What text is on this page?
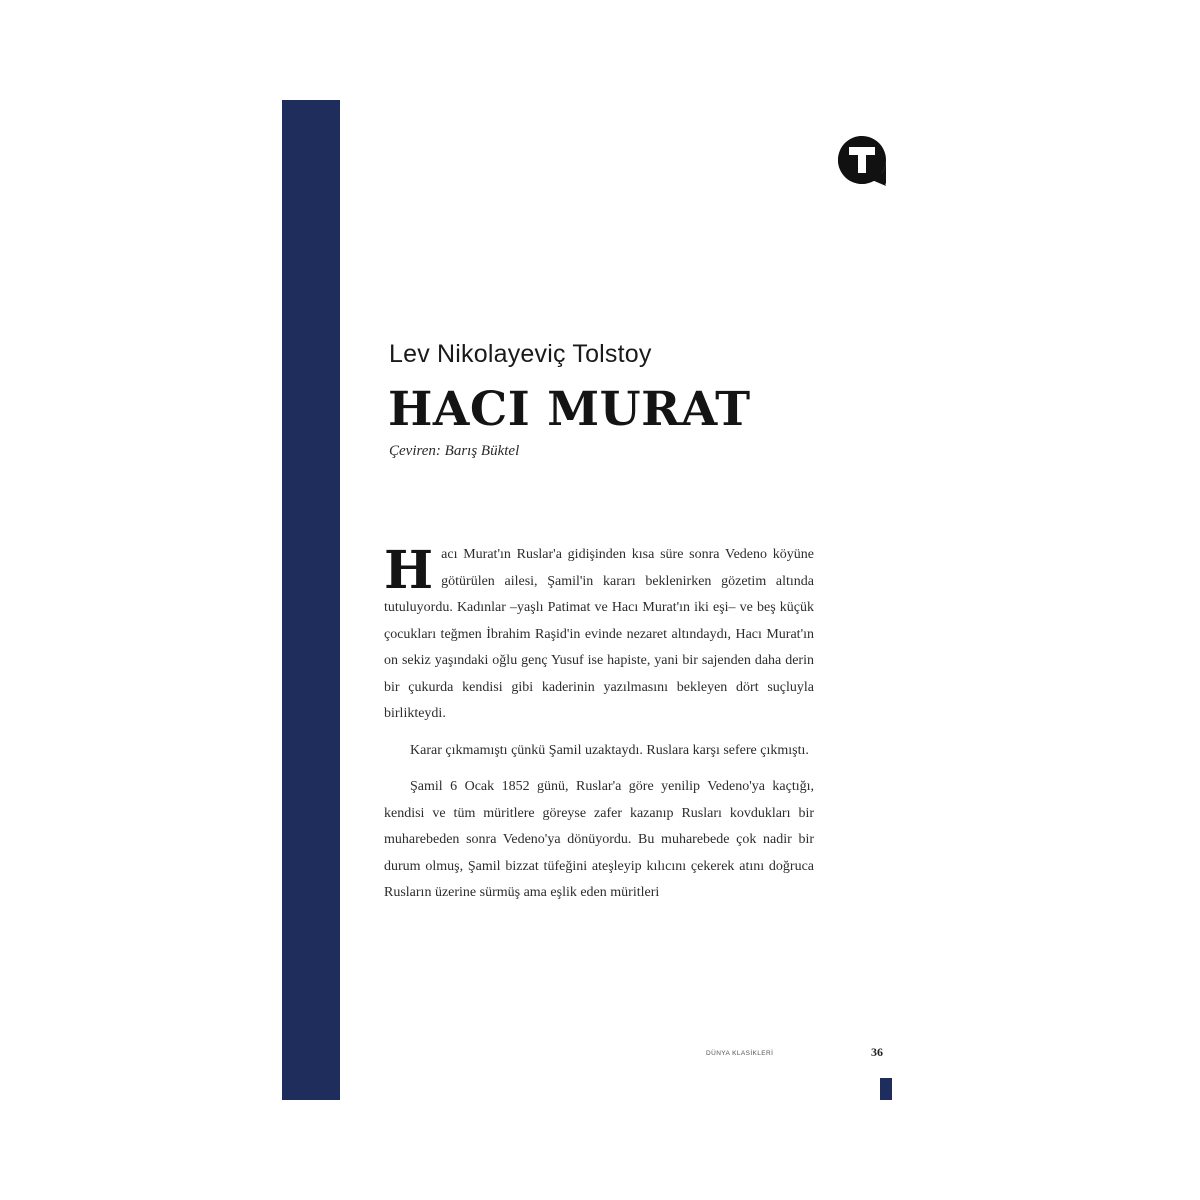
Lev Nikolayeviç Tolstoy
HACI MURAT
Çeviren: Barış Büktel

Hacı Murat'ın Ruslar'a gidişinden kısa süre sonra Vedeno köyüne götürülen ailesi, Şamil'in kararı beklenirken gözetim altında tutuluyordu. Kadınlar –yaşlı Patimat ve Hacı Murat'ın iki eşi– ve beş küçük çocukları teğmen İbrahim Raşid'in evinde nezaret altındaydı, Hacı Murat'ın on sekiz yaşındaki oğlu genç Yusuf ise hapiste, yani bir sajenden daha derin bir çukurda kendisi gibi kaderinin yazılmasını bekleyen dört suçluyla birlikteydi.

Karar çıkmamıştı çünkü Şamil uzaktaydı. Ruslara karşı sefere çıkmıştı.

Şamil 6 Ocak 1852 günü, Ruslar'a göre yenilip Vedeno'ya kaçtığı, kendisi ve tüm müritlere göreyse zafer kazanıp Rusları kovdukları bir muharebeden sonra Vedeno'ya dönüyordu. Bu muharebede çok nadir bir durum olmuş, Şamil bizzat tüfeğini ateşleyip kılıcını çekerek atını doğruca Rusların üzerine sürmüş ama eşlik eden müritleri

DÜNYA KLASİKLERİ	36
